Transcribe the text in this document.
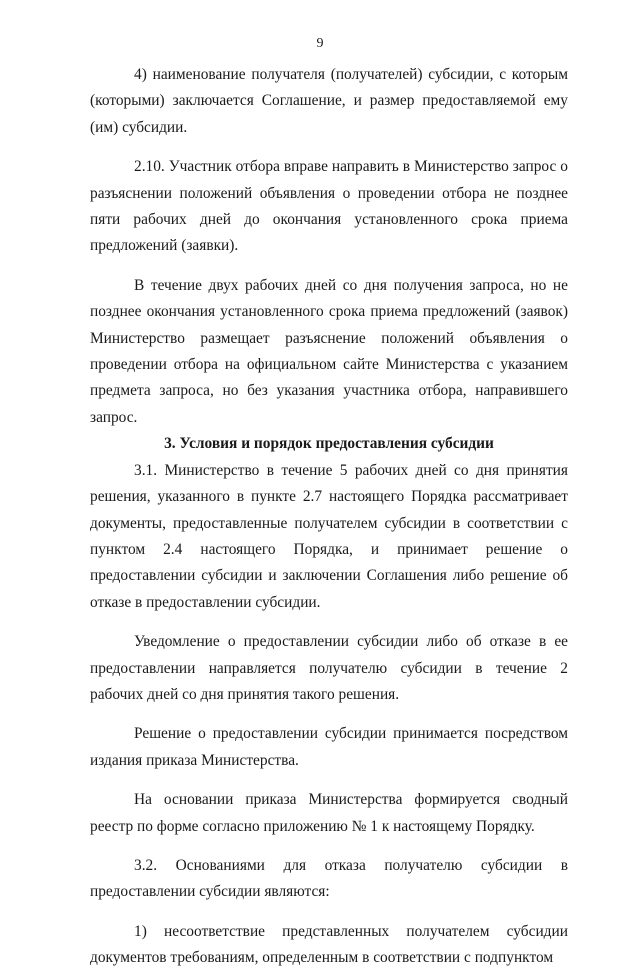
9

4) наименование получателя (получателей) субсидии, с которым (которыми) заключается Соглашение, и размер предоставляемой ему (им) субсидии.

2.10. Участник отбора вправе направить в Министерство запрос о разъяснении положений объявления о проведении отбора не позднее пяти рабочих дней до окончания установленного срока приема предложений (заявки).

В течение двух рабочих дней со дня получения запроса, но не позднее окончания установленного срока приема предложений (заявок) Министерство размещает разъяснение положений объявления о проведении отбора на официальном сайте Министерства с указанием предмета запроса, но без указания участника отбора, направившего запрос.

3. Условия и порядок предоставления субсидии

3.1. Министерство в течение 5 рабочих дней со дня принятия решения, указанного в пункте 2.7 настоящего Порядка рассматривает документы, предоставленные получателем субсидии в соответствии с пунктом 2.4 настоящего Порядка, и принимает решение о предоставлении субсидии и заключении Соглашения либо решение об отказе в предоставлении субсидии.

Уведомление о предоставлении субсидии либо об отказе в ее предоставлении направляется получателю субсидии в течение 2 рабочих дней со дня принятия такого решения.

Решение о предоставлении субсидии принимается посредством издания приказа Министерства.

На основании приказа Министерства формируется сводный реестр по форме согласно приложению № 1 к настоящему Порядку.

3.2. Основаниями для отказа получателю субсидии в предоставлении субсидии являются:

1) несоответствие представленных получателем субсидии документов требованиям, определенным в соответствии с подпунктом
